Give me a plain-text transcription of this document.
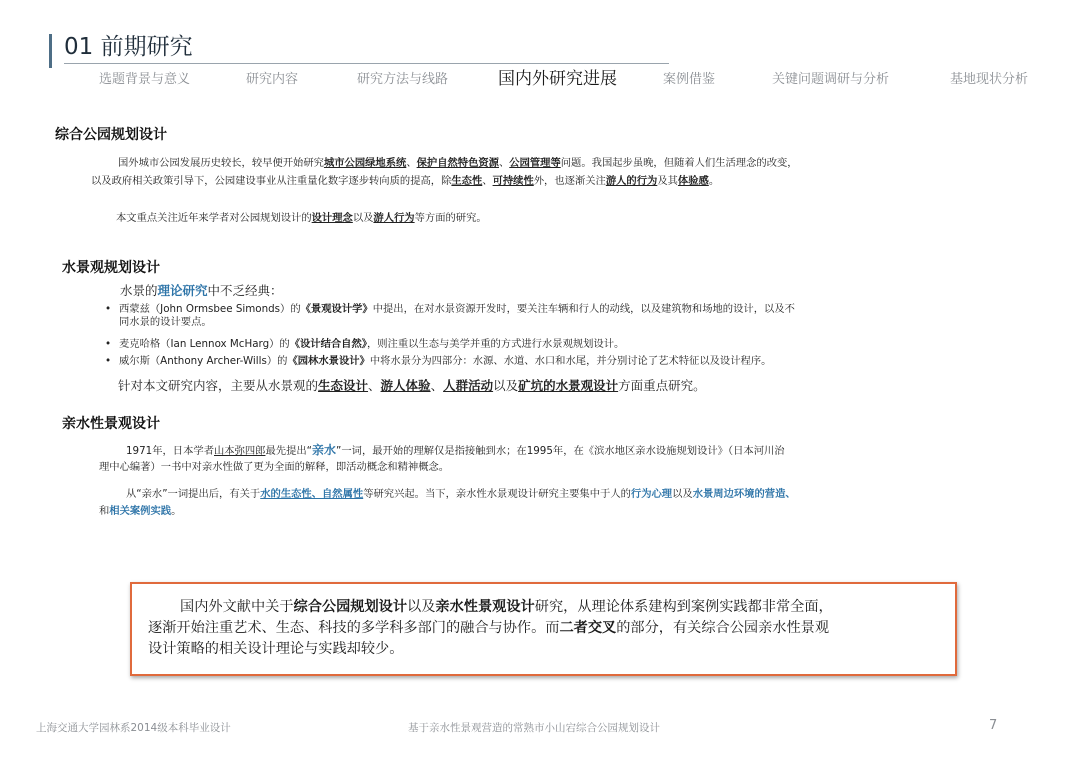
01 前期研究
选题背景与意义	研究内容	研究方法与线路	国内外研究进展	案例借鉴	关键问题调研与分析	基地现状分析
综合公园规划设计
国外城市公园发展历史较长，较早便开始研究城市公园绿地系统、保护自然特色资源、公园管理等问题。我国起步虽晚，但随着人们生活理念的改变，
以及政府相关政策引导下，公园建设事业从注重量化数字逐步转向质的提高，除生态性、可持续性外，也逐渐关注游人的行为及其体验感。
本文重点关注近年来学者对公园规划设计的设计理念以及游人行为等方面的研究。
水景观规划设计
水景的理论研究中不乏经典：
• 西蒙兹（John Ormsbee Simonds）的《景观设计学》中提出，在对水景资源开发时，要关注车辆和行人的动线，以及建筑物和场地的设计，以及不
同水景的设计要点。
• 麦克哈格（Ian Lennox McHarg）的《设计结合自然》，则注重以生态与美学并重的方式进行水景观规划设计。
• 威尔斯（Anthony Archer-Wills）的《园林水景设计》中将水景分为四部分：水源、水道、水口和水尾，并分别讨论了艺术特征以及设计程序。
针对本文研究内容，主要从水景观的生态设计、游人体验、人群活动以及矿坑的水景观设计方面重点研究。
亲水性景观设计
1971年，日本学者山本弥四郎最先提出“亲水”一词，最开始的理解仅是指接触到水；在1995年，在《滨水地区亲水设施规划设计》（日本河川治
理中心编著）一书中对亲水性做了更为全面的解释，即活动概念和精神概念。
从“亲水”一词提出后，有关于水的生态性、自然属性等研究兴起。当下，亲水性水景观设计研究主要集中于人的行为心理以及水景周边环境的营造、
和相关案例实践。
国内外文献中关于综合公园规划设计以及亲水性景观设计研究，从理论体系建构到案例实践都非常全面，
逐渐开始注重艺术、生态、科技的多学科多部门的融合与协作。而二者交叉的部分，有关综合公园亲水性景观
设计策略的相关设计理论与实践却较少。
上海交通大学园林系2014级本科毕业设计	基于亲水性景观营造的常熟市小山宕综合公园规划设计	7
